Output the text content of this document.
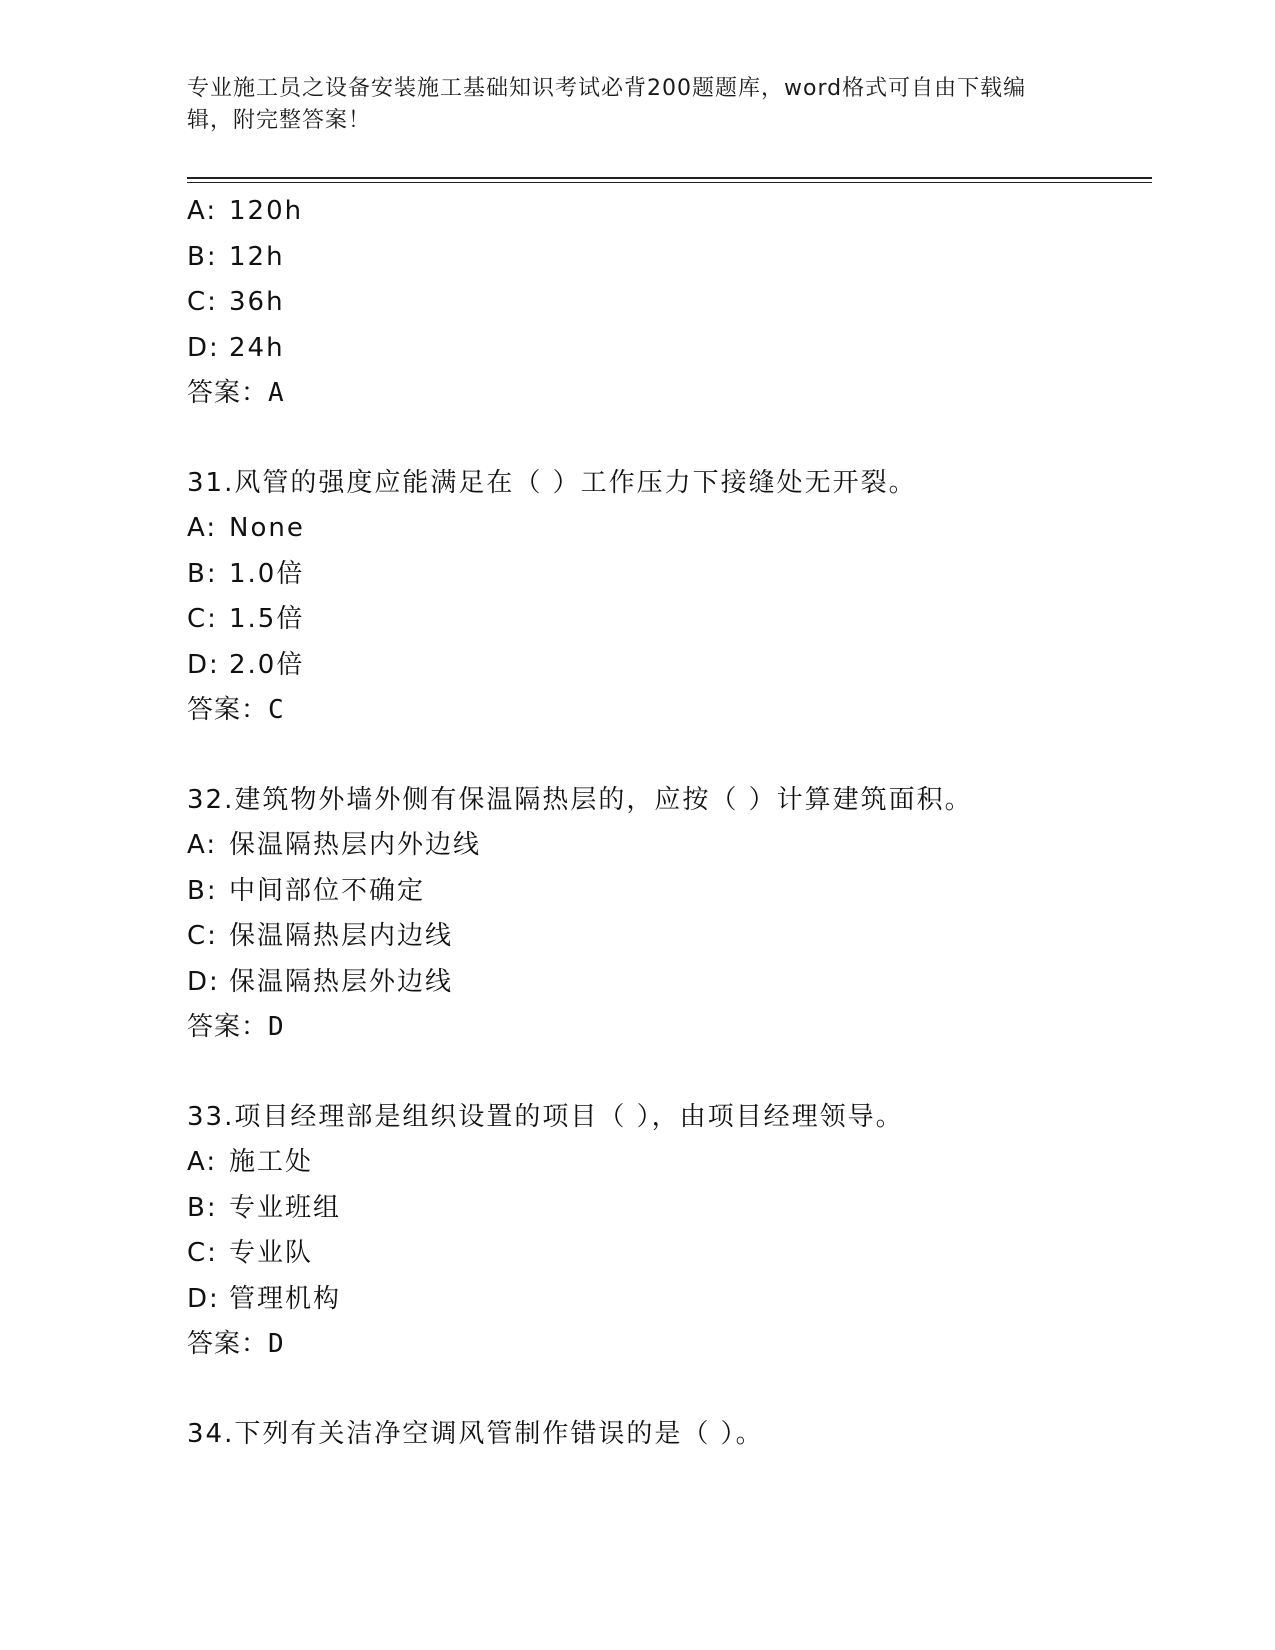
专业施工员之设备安装施工基础知识考试必背200题题库，word格式可自由下载编辑，附完整答案！
A: 120h
B: 12h
C: 36h
D: 24h
答案：A
31.风管的强度应能满足在（ ）工作压力下接缝处无开裂。
A: None
B: 1.0倍
C: 1.5倍
D: 2.0倍
答案：C
32.建筑物外墙外侧有保温隔热层的，应按（ ）计算建筑面积。
A: 保温隔热层内外边线
B: 中间部位不确定
C: 保温隔热层内边线
D: 保温隔热层外边线
答案：D
33.项目经理部是组织设置的项目（ ），由项目经理领导。
A: 施工处
B: 专业班组
C: 专业队
D: 管理机构
答案：D
34.下列有关洁净空调风管制作错误的是（ ）。
